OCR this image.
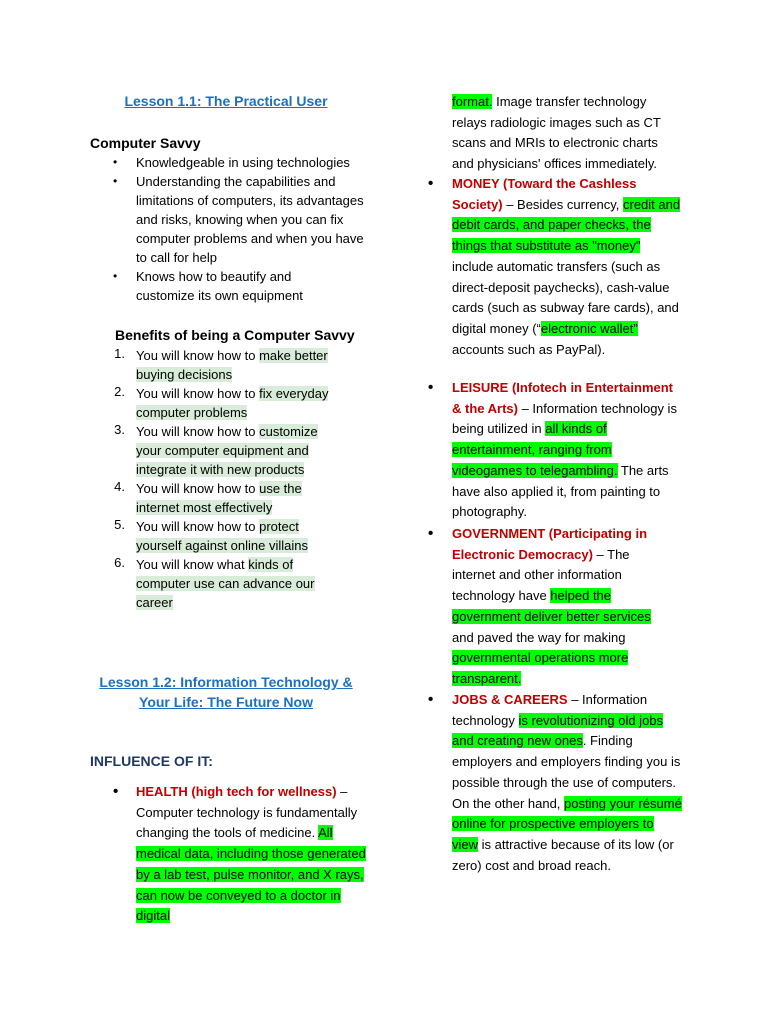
Lesson 1.1: The Practical User
Computer Savvy
• Knowledgeable in using technologies
• Understanding the capabilities and limitations of computers, its advantages and risks, knowing when you can fix computer problems and when you have to call for help
• Knows how to beautify and customize its own equipment
Benefits of being a Computer Savvy
1. You will know how to make better buying decisions
2. You will know how to fix everyday computer problems
3. You will know how to customize your computer equipment and integrate it with new products
4. You will know how to use the internet most effectively
5. You will know how to protect yourself against online villains
6. You will know what kinds of computer use can advance our career
Lesson 1.2: Information Technology & Your Life: The Future Now
INFLUENCE OF IT:
• HEALTH (high tech for wellness) – Computer technology is fundamentally changing the tools of medicine. All medical data, including those generated by a lab test, pulse monitor, and X rays, can now be conveyed to a doctor in digital
format. Image transfer technology relays radiologic images such as CT scans and MRIs to electronic charts and physicians' offices immediately.
• MONEY (Toward the Cashless Society) – Besides currency, credit and debit cards, and paper checks, the things that substitute as "money" include automatic transfers (such as direct-deposit paychecks), cash-value cards (such as subway fare cards), and digital money (“electronic wallet” accounts such as PayPal).
• LEISURE (Infotech in Entertainment & the Arts) – Information technology is being utilized in all kinds of entertainment, ranging from videogames to telegambling. The arts have also applied it, from painting to photography.
• GOVERNMENT (Participating in Electronic Democracy) – The internet and other information technology have helped the government deliver better services and paved the way for making governmental operations more transparent.
• JOBS & CAREERS – Information technology is revolutionizing old jobs and creating new ones. Finding employers and employers finding you is possible through the use of computers. On the other hand, posting your résumé online for prospective employers to view is attractive because of its low (or zero) cost and broad reach.
